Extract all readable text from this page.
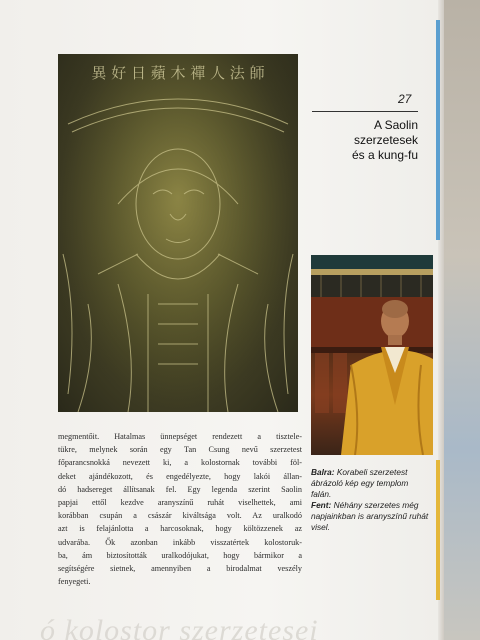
ó kolostor szerzetesei
異 好 日 蘋 木 禪 人 法 師
27
A Saolin
szerzetesek
és a kung-fu
Balra: Korabeli szerzetest ábrázoló kép egy templom falán.
Fent: Néhány szerzetes még napjainkban is aranyszínű ruhát visel.
megmentőit. Hatalmas ünnepséget rendezett a tisztele-
tükre, melynek során egy Tan Csung nevű szerzetest
főparancsnokká nevezett ki, a kolostornak további föl-
deket ajándékozott, és engedélyezte, hogy lakói állan-
dó hadsereget állítsanak fel. Egy legenda szerint Saolin
papjai ettől kezdve aranyszínű ruhát viselhettek, ami
korábban csupán a császár kiváltsága volt. Az uralkodó
azt is felajánlotta a harcosoknak, hogy költözzenek az
udvarába. Ők azonban inkább visszatértek kolostoruk-
ba, ám biztosították uralkodójukat, hogy bármikor a
segítségére sietnek, amennyiben a birodalmat veszély
fenyegeti.
